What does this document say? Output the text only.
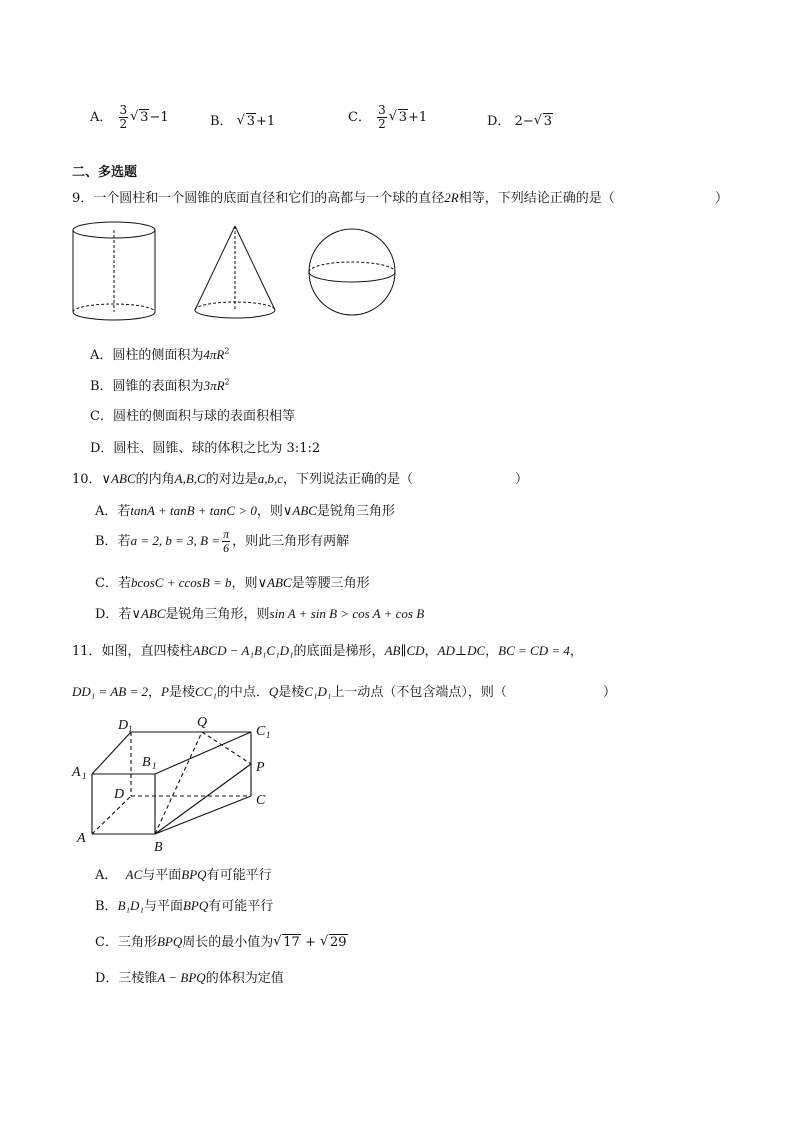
A． $\frac{3}{2}$ √ 3−1	B． √ 3+1	C． $\frac{3}{2}$ √ 3+1	D． 2− √ 3
二、多选题
9．一个圆柱和一个圆锥的底面直径和它们的高都与一个球的直径2R相等，下列结论正确的是（	）
A．圆柱的侧面积为$4\pi R^2$
B．圆锥的表面积为$3\pi R^2$
C．圆柱的侧面积与球的表面积相等
D．圆柱、圆锥、球的体积之比为 3:1:2
10．∨ABC的内角A,B,C的对边是a,b,c，下列说法正确的是（	）
A．若tanA + tanB + tanC > 0，则∨ABC是锐角三角形
B．若a = 2, b = 3, $B = \frac{\pi}{6}$ ，则此三角形有两解
C．若bcosC + ccosB = b，则∨ABC是等腰三角形
D．若∨ABC是锐角三角形，则sin A + sin B > cos A + cos B
11．如图，直四棱柱ABCD − A₁B₁C₁D₁的底面是梯形，AB∥CD，AD⊥DC，BC = CD = 4，
DD₁ = AB = 2，P是棱CC₁的中点．Q是棱C₁D₁上一动点（不包含端点），则（	）
D 1	Q
C 1
B 1
A 1
P
D	C
A
B
A． AC与平面BPQ有可能平行
B．B₁D₁与平面BPQ有可能平行
C．三角形BPQ周长的最小值为 √ 17 + √ 29
D．三棱锥A − BPQ的体积为定值
